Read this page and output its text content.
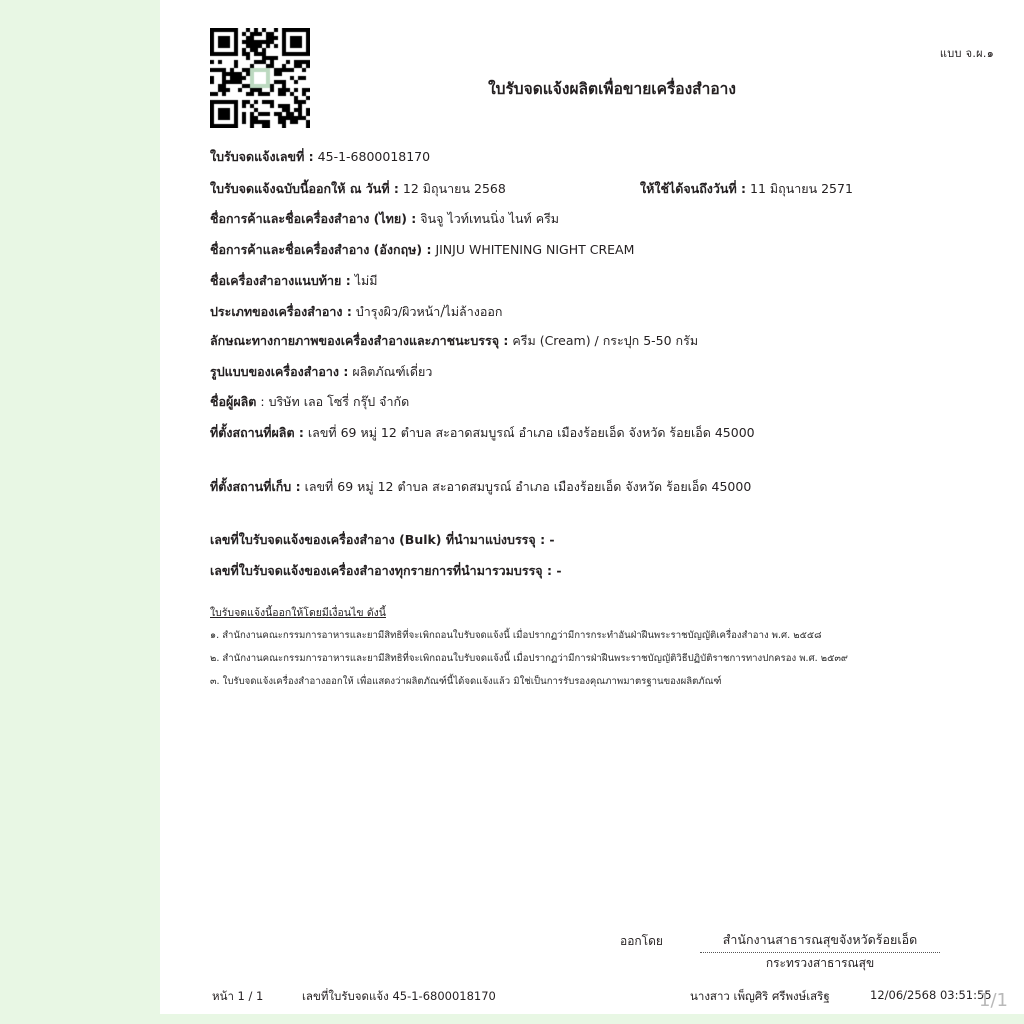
แบบ จ.ผ.๑
ใบรับจดแจ้งผลิตเพื่อขายเครื่องสำอาง
ใบรับจดแจ้งเลขที่ : 45-1-6800018170
ใบรับจดแจ้งฉบับนี้ออกให้ ณ วันที่ : 12 มิถุนายน 2568	ให้ใช้ได้จนถึงวันที่ : 11 มิถุนายน 2571
ชื่อการค้าและชื่อเครื่องสำอาง (ไทย) : จินจู ไวท์เทนนิ่ง ไนท์ ครีม
ชื่อการค้าและชื่อเครื่องสำอาง (อังกฤษ) : JINJU WHITENING NIGHT CREAM
ชื่อเครื่องสำอางแนบท้าย : ไม่มี
ประเภทของเครื่องสำอาง : บำรุงผิว/ผิวหน้า/ไม่ล้างออก
ลักษณะทางกายภาพของเครื่องสำอางและภาชนะบรรจุ : ครีม (Cream) / กระปุก 5-50 กรัม
รูปแบบของเครื่องสำอาง : ผลิตภัณฑ์เดี่ยว
ชื่อผู้ผลิต : บริษัท เลอ โซรี่ กรุ๊ป จำกัด
ที่ตั้งสถานที่ผลิต : เลขที่ 69 หมู่ 12 ตำบล สะอาดสมบูรณ์ อำเภอ เมืองร้อยเอ็ด จังหวัด ร้อยเอ็ด 45000
ที่ตั้งสถานที่เก็บ : เลขที่ 69 หมู่ 12 ตำบล สะอาดสมบูรณ์ อำเภอ เมืองร้อยเอ็ด จังหวัด ร้อยเอ็ด 45000
เลขที่ใบรับจดแจ้งของเครื่องสำอาง (Bulk) ที่นำมาแบ่งบรรจุ : -
เลขที่ใบรับจดแจ้งของเครื่องสำอางทุกรายการที่นำมารวมบรรจุ : -
ใบรับจดแจ้งนี้ออกให้โดยมีเงื่อนไข ดังนี้
๑. สำนักงานคณะกรรมการอาหารและยามีสิทธิที่จะเพิกถอนใบรับจดแจ้งนี้ เมื่อปรากฏว่ามีการกระทำอันฝ่าฝืนพระราชบัญญัติเครื่องสำอาง พ.ศ. ๒๕๕๘
๒. สำนักงานคณะกรรมการอาหารและยามีสิทธิที่จะเพิกถอนใบรับจดแจ้งนี้ เมื่อปรากฏว่ามีการฝ่าฝืนพระราชบัญญัติวิธีปฏิบัติราชการทางปกครอง พ.ศ. ๒๕๓๙
๓. ใบรับจดแจ้งเครื่องสำอางออกให้ เพื่อแสดงว่าผลิตภัณฑ์นี้ได้จดแจ้งแล้ว มิใช่เป็นการรับรองคุณภาพมาตรฐานของผลิตภัณฑ์
ออกโดย	สำนักงานสาธารณสุขจังหวัดร้อยเอ็ด
กระทรวงสาธารณสุข
หน้า 1 / 1	เลขที่ใบรับจดแจ้ง 45-1-6800018170	นางสาว เพ็ญศิริ ศรีพงษ์เสริฐ	12/06/2568 03:51:55
1/1
